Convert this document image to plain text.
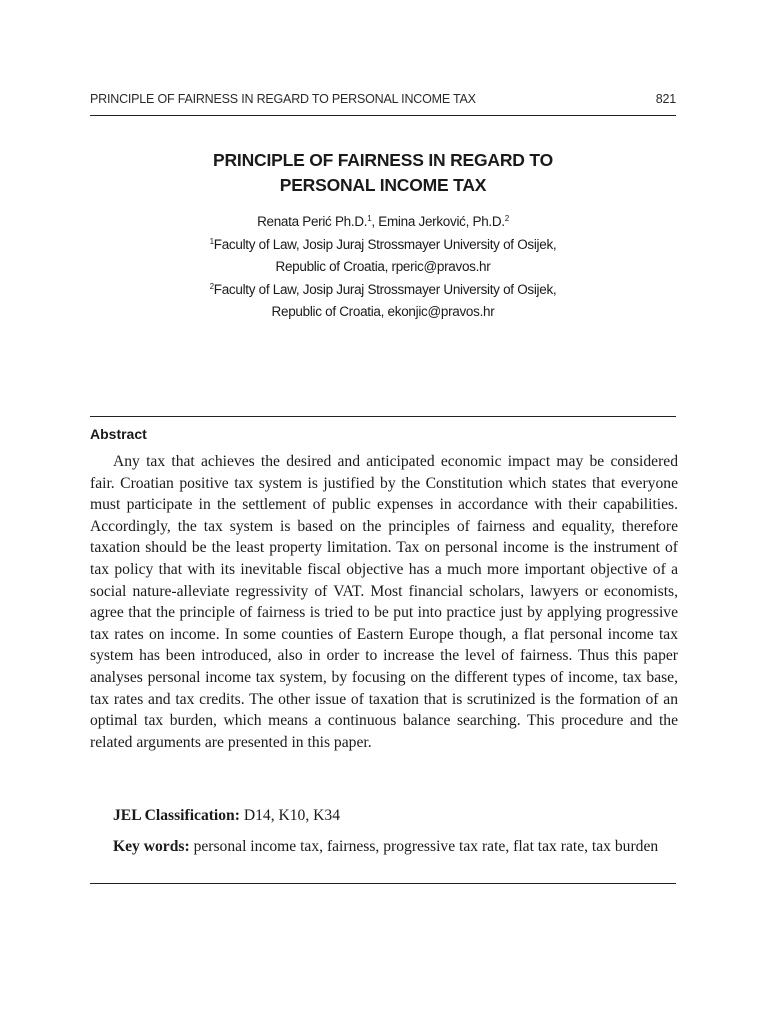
PRINCIPLE OF FAIRNESS IN REGARD TO PERSONAL INCOME TAX	821
PRINCIPLE OF FAIRNESS IN REGARD TO
PERSONAL INCOME TAX
Renata Perić Ph.D.$^1$, Emina Jerković, Ph.D.$^2$
$^1$Faculty of Law, Josip Juraj Strossmayer University of Osijek,
Republic of Croatia, rperic@pravos.hr
$^2$Faculty of Law, Josip Juraj Strossmayer University of Osijek,
Republic of Croatia, ekonjic@pravos.hr
Abstract

Any tax that achieves the desired and anticipated economic impact may be considered fair. Croatian positive tax system is justified by the Constitution which states that everyone must participate in the settlement of public expenses in accordance with their capabilities. Accordingly, the tax system is based on the principles of fairness and equality, therefore taxation should be the least property limitation. Tax on personal income is the instrument of tax policy that with its inevitable fiscal objective has a much more important objective of a social nature-alleviate regressivity of VAT. Most financial scholars, lawyers or economists, agree that the principle of fairness is tried to be put into practice just by applying progressive tax rates on income. In some counties of Eastern Europe though, a flat personal income tax system has been introduced, also in order to increase the level of fairness. Thus this paper analyses personal income tax system, by focusing on the different types of income, tax base, tax rates and tax credits. The other issue of taxation that is scrutinized is the formation of an optimal tax burden, which means a continuous balance searching. This procedure and the related arguments are presented in this paper.

JEL Classification: D14, K10, K34

Key words: personal income tax, fairness, progressive tax rate, flat tax rate, tax burden
